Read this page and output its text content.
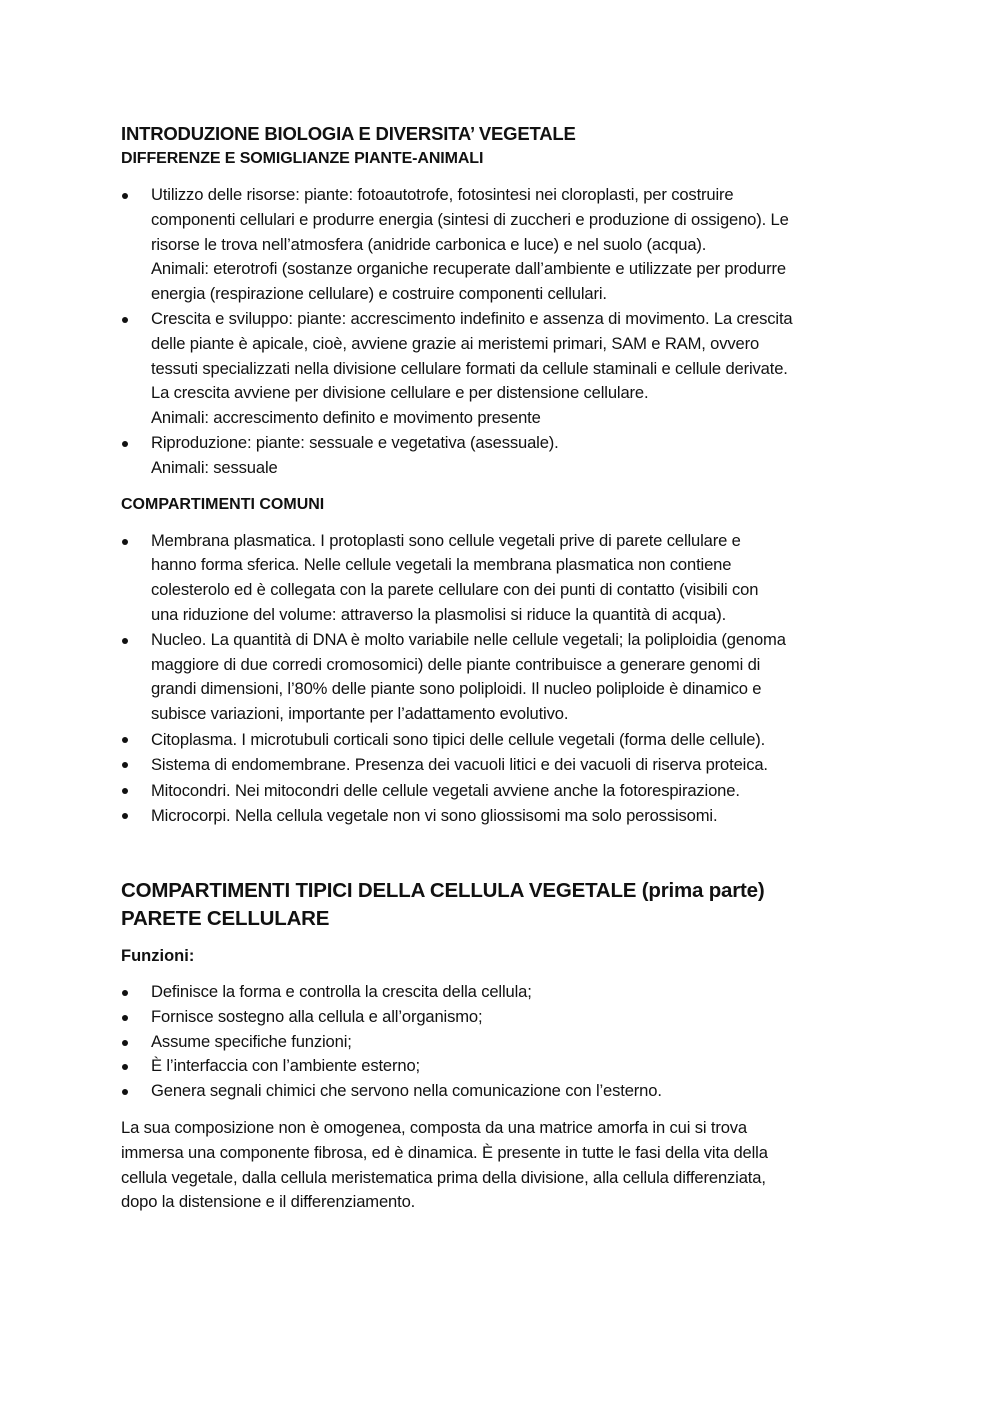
INTRODUZIONE BIOLOGIA E DIVERSITA’ VEGETALE
DIFFERENZE E SOMIGLIANZE PIANTE-ANIMALI
Utilizzo delle risorse: piante: fotoautotrofe, fotosintesi nei cloroplasti, per costruire
componenti cellulari e produrre energia (sintesi di zuccheri e produzione di ossigeno). Le
risorse le trova nell’atmosfera (anidride carbonica e luce) e nel suolo (acqua).
Animali: eterotrofi (sostanze organiche recuperate dall’ambiente e utilizzate per produrre
energia (respirazione cellulare) e costruire componenti cellulari.
Crescita e sviluppo: piante: accrescimento indefinito e assenza di movimento. La crescita
delle piante è apicale, cioè, avviene grazie ai meristemi primari, SAM e RAM, ovvero
tessuti specializzati nella divisione cellulare formati da cellule staminali e cellule derivate.
La crescita avviene per divisione cellulare e per distensione cellulare.
Animali: accrescimento definito e movimento presente
Riproduzione: piante: sessuale e vegetativa (asessuale).
Animali: sessuale
COMPARTIMENTI COMUNI
Membrana plasmatica. I protoplasti sono cellule vegetali prive di parete cellulare e
hanno forma sferica. Nelle cellule vegetali la membrana plasmatica non contiene
colesterolo ed è collegata con la parete cellulare con dei punti di contatto (visibili con
una riduzione del volume: attraverso la plasmolisi si riduce la quantità di acqua).
Nucleo. La quantità di DNA è molto variabile nelle cellule vegetali; la poliploidia (genoma
maggiore di due corredi cromosomici) delle piante contribuisce a generare genomi di
grandi dimensioni, l’80% delle piante sono poliploidi. Il nucleo poliploide è dinamico e
subisce variazioni, importante per l’adattamento evolutivo.
Citoplasma. I microtubuli corticali sono tipici delle cellule vegetali (forma delle cellule).
Sistema di endomembrane. Presenza dei vacuoli litici e dei vacuoli di riserva proteica.
Mitocondri. Nei mitocondri delle cellule vegetali avviene anche la fotorespirazione.
Microcorpi. Nella cellula vegetale non vi sono gliossisomi ma solo perossisomi.
COMPARTIMENTI TIPICI DELLA CELLULA VEGETALE (prima parte)
PARETE CELLULARE
Funzioni:
Definisce la forma e controlla la crescita della cellula;
Fornisce sostegno alla cellula e all’organismo;
Assume specifiche funzioni;
È l’interfaccia con l’ambiente esterno;
Genera segnali chimici che servono nella comunicazione con l’esterno.
La sua composizione non è omogenea, composta da una matrice amorfa in cui si trova
immersa una componente fibrosa, ed è dinamica. È presente in tutte le fasi della vita della
cellula vegetale, dalla cellula meristematica prima della divisione, alla cellula differenziata,
dopo la distensione e il differenziamento.
